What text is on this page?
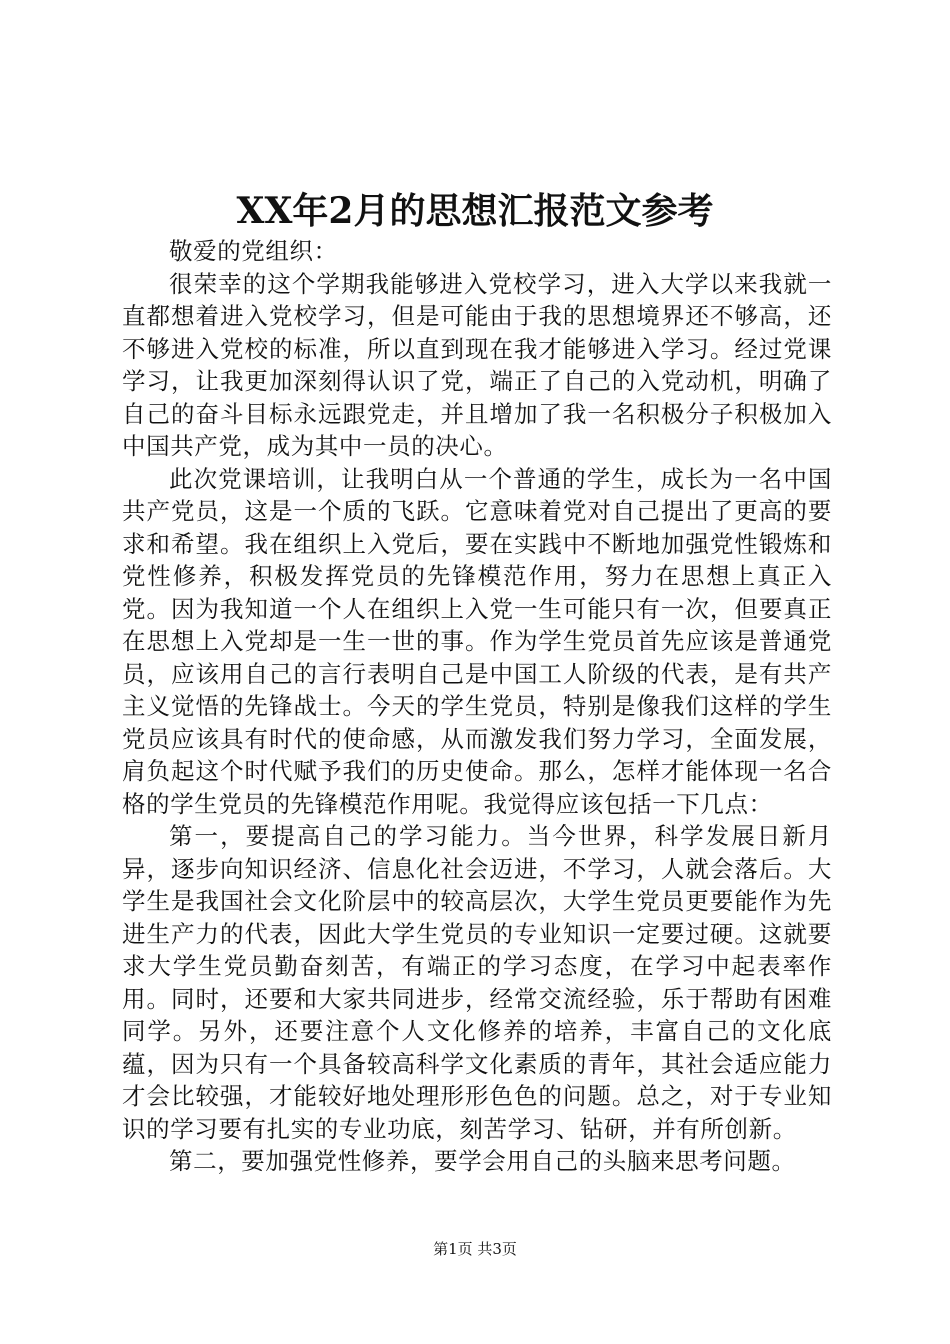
XX年2月的思想汇报范文参考

敬爱的党组织：

很荣幸的这个学期我能够进入党校学习，进入大学以来我就一直都想着进入党校学习，但是可能由于我的思想境界还不够高，还不够进入党校的标准，所以直到现在我才能够进入学习。经过党课学习，让我更加深刻得认识了党，端正了自己的入党动机，明确了自己的奋斗目标永远跟党走，并且增加了我一名积极分子积极加入中国共产党，成为其中一员的决心。

此次党课培训，让我明白从一个普通的学生，成长为一名中国共产党员，这是一个质的飞跃。它意味着党对自己提出了更高的要求和希望。我在组织上入党后，要在实践中不断地加强党性锻炼和党性修养，积极发挥党员的先锋模范作用，努力在思想上真正入党。因为我知道一个人在组织上入党一生可能只有一次，但要真正在思想上入党却是一生一世的事。作为学生党员首先应该是普通党员，应该用自己的言行表明自己是中国工人阶级的代表，是有共产主义觉悟的先锋战士。今天的学生党员，特别是像我们这样的学生党员应该具有时代的使命感，从而激发我们努力学习，全面发展，肩负起这个时代赋予我们的历史使命。那么，怎样才能体现一名合格的学生党员的先锋模范作用呢。我觉得应该包括一下几点：

第一，要提高自己的学习能力。当今世界，科学发展日新月异，逐步向知识经济、信息化社会迈进，不学习，人就会落后。大学生是我国社会文化阶层中的较高层次，大学生党员更要能作为先进生产力的代表，因此大学生党员的专业知识一定要过硬。这就要求大学生党员勤奋刻苦，有端正的学习态度，在学习中起表率作用。同时，还要和大家共同进步，经常交流经验，乐于帮助有困难同学。另外，还要注意个人文化修养的培养，丰富自己的文化底蕴，因为只有一个具备较高科学文化素质的青年，其社会适应能力才会比较强，才能较好地处理形形色色的问题。总之，对于专业知识的学习要有扎实的专业功底，刻苦学习、钻研，并有所创新。

第二，要加强党性修养，要学会用自己的头脑来思考问题。

第1页 共3页
